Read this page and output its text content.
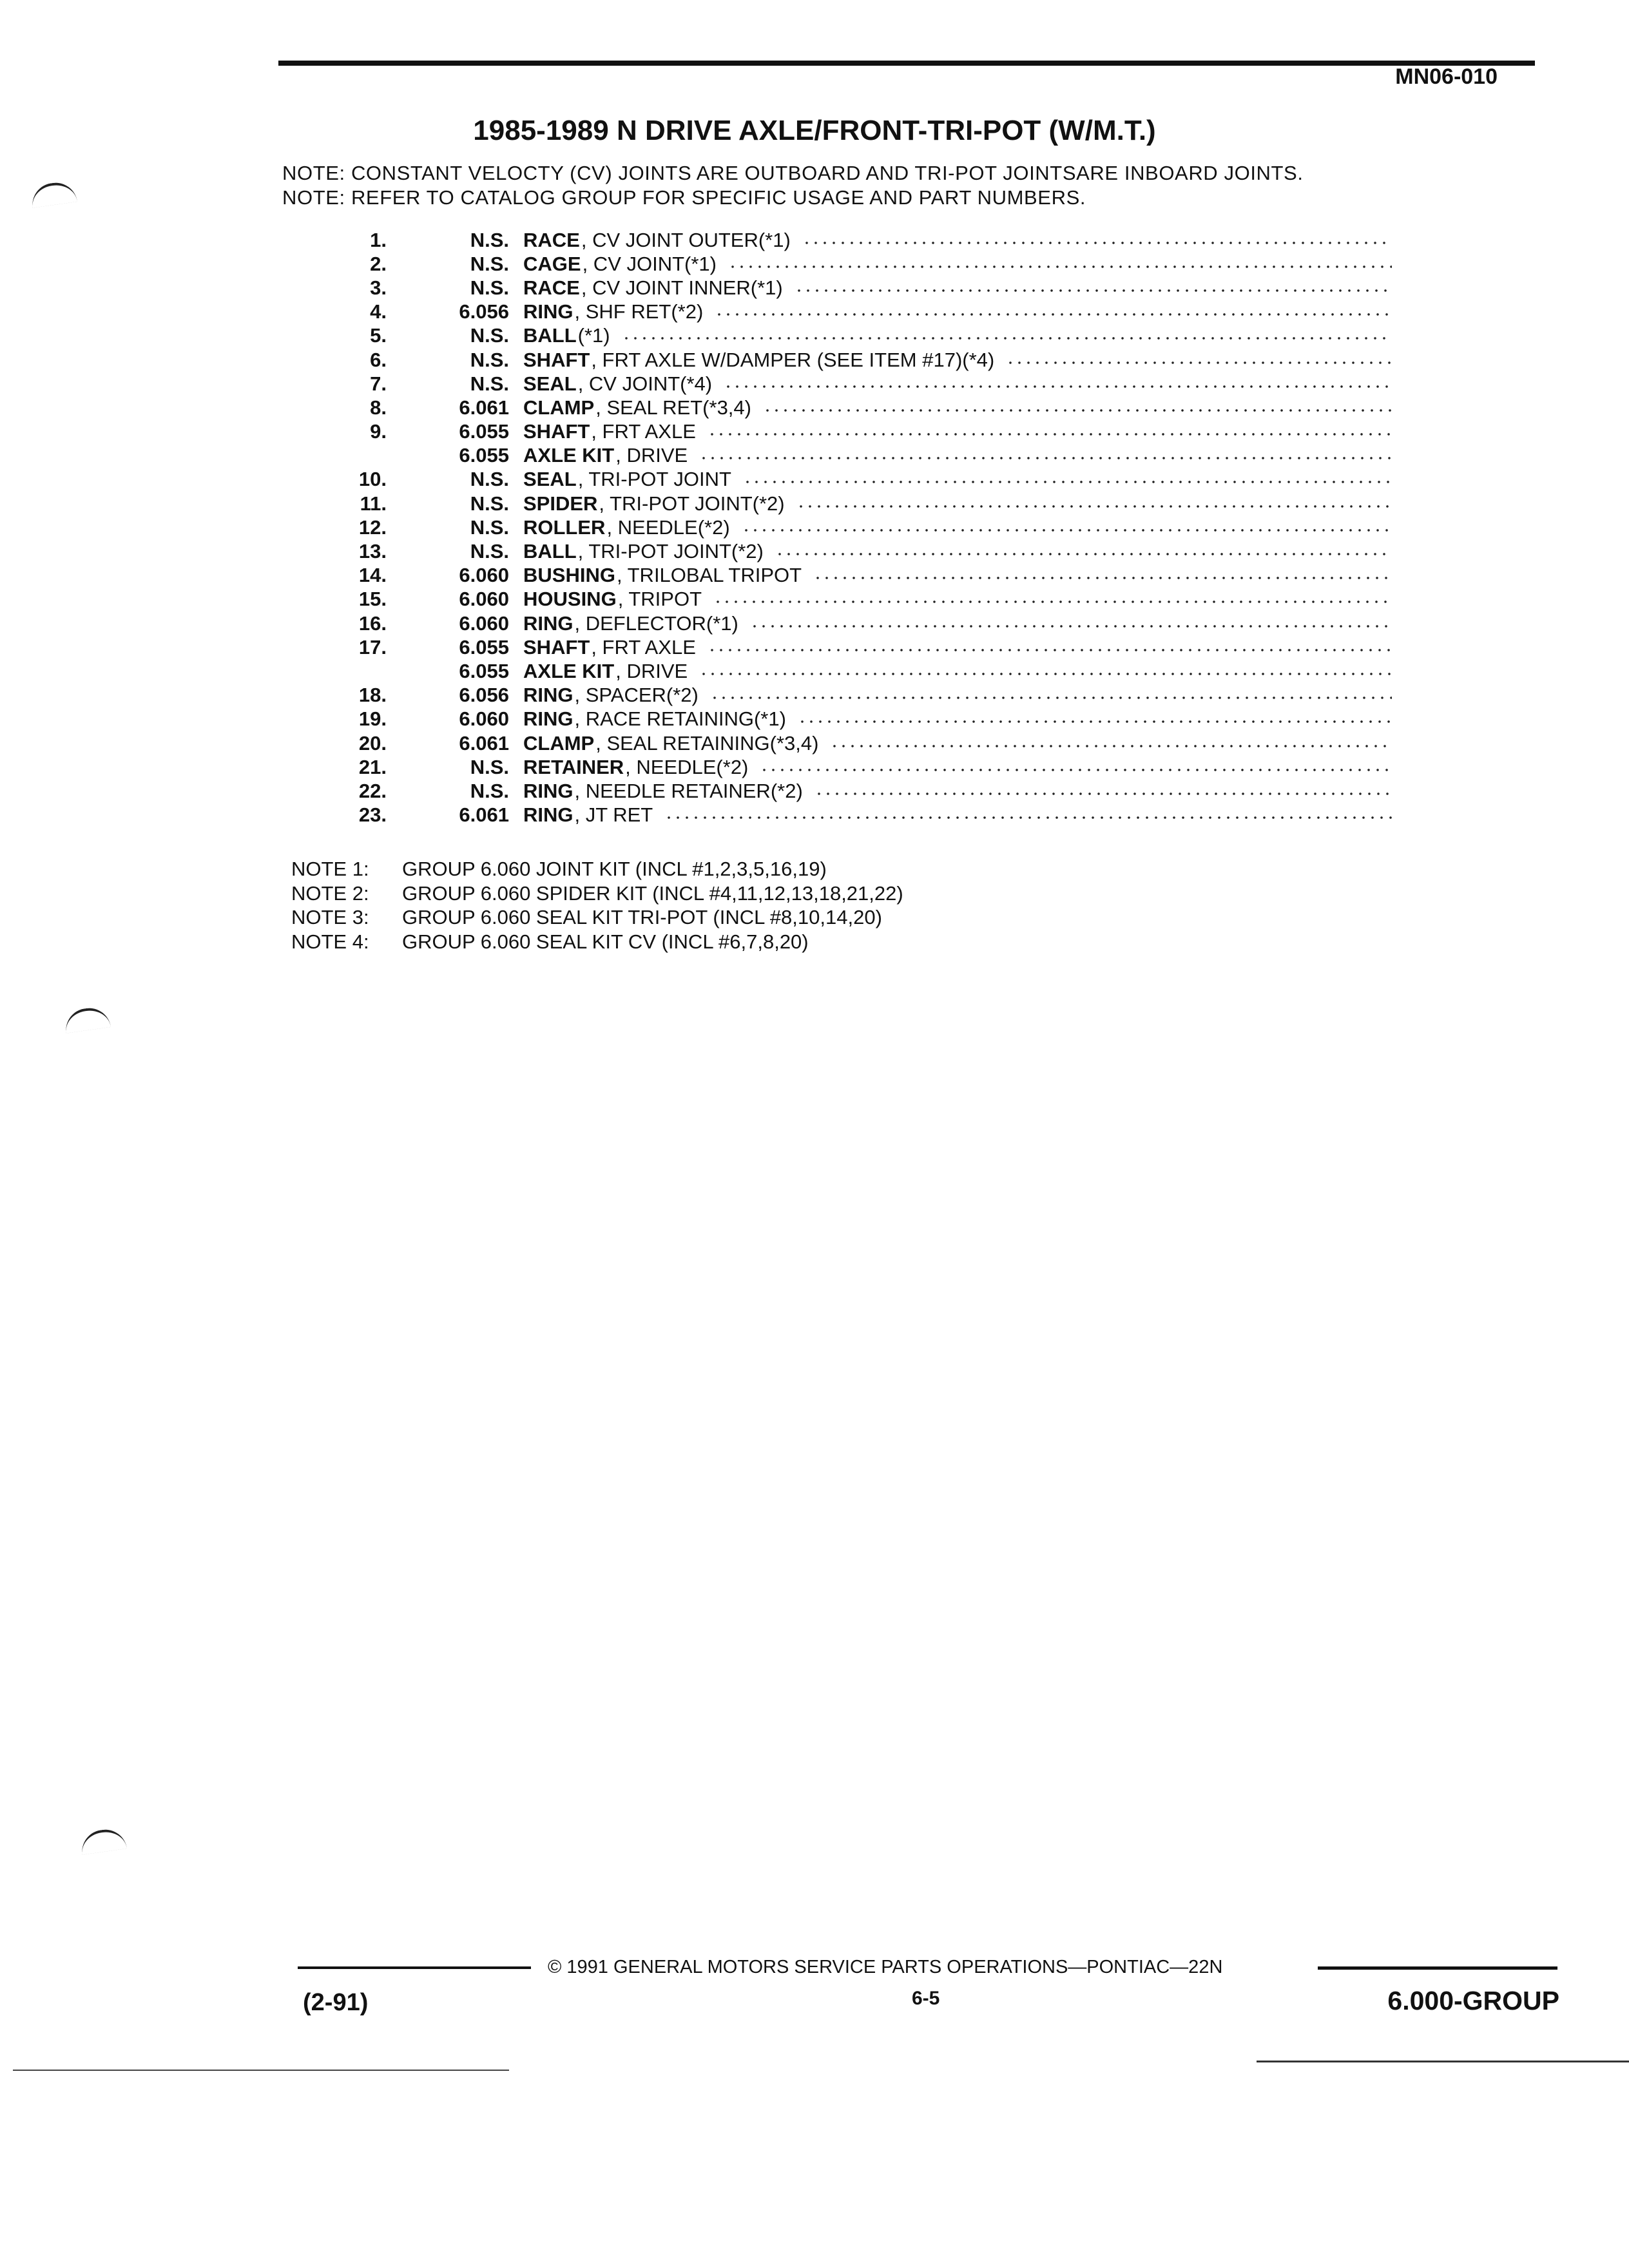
MN06-010
1985-1989 N DRIVE AXLE/FRONT-TRI-POT (W/M.T.)
NOTE: CONSTANT VELOCTY (CV) JOINTS ARE OUTBOARD AND TRI-POT JOINTSARE INBOARD JOINTS.
NOTE: REFER TO CATALOG GROUP FOR SPECIFIC USAGE AND PART NUMBERS.
1.	N.S. RACE , CV JOINT OUTER(*1)
2.	N.S. CAGE , CV JOINT(*1)
3.	N.S. RACE , CV JOINT INNER(*1)
4.	6.056 RING , SHF RET(*2)
5.	N.S. BALL (*1)
6.	N.S. SHAFT , FRT AXLE W/DAMPER (SEE ITEM #17)(*4)
7.	N.S. SEAL , CV JOINT(*4)
8.	6.061 CLAMP , SEAL RET(*3,4)
9.	6.055 SHAFT , FRT AXLE
6.055 AXLE KIT , DRIVE
10.	N.S. SEAL , TRI-POT JOINT
11.	N.S. SPIDER , TRI-POT JOINT(*2)
12.	N.S. ROLLER , NEEDLE(*2)
13.	N.S. BALL , TRI-POT JOINT(*2)
14.	6.060 BUSHING , TRILOBAL TRIPOT
15.	6.060 HOUSING , TRIPOT
16.	6.060 RING , DEFLECTOR(*1)
17.	6.055 SHAFT , FRT AXLE
6.055 AXLE KIT , DRIVE
18.	6.056 RING , SPACER(*2)
19.	6.060 RING , RACE RETAINING(*1)
20.	6.061 CLAMP , SEAL RETAINING(*3,4)
21.	N.S. RETAINER , NEEDLE(*2)
22.	N.S. RING , NEEDLE RETAINER(*2)
23.	6.061 RING , JT RET
NOTE 1:	GROUP 6.060 JOINT KIT (INCL #1,2,3,5,16,19)
NOTE 2:	GROUP 6.060 SPIDER KIT (INCL #4,11,12,13,18,21,22)
NOTE 3:	GROUP 6.060 SEAL KIT TRI-POT (INCL #8,10,14,20)
NOTE 4:	GROUP 6.060 SEAL KIT CV (INCL #6,7,8,20)
© 1991 GENERAL MOTORS SERVICE PARTS OPERATIONS—PONTIAC—22N
(2-91)	6-5	6.000-GROUP
